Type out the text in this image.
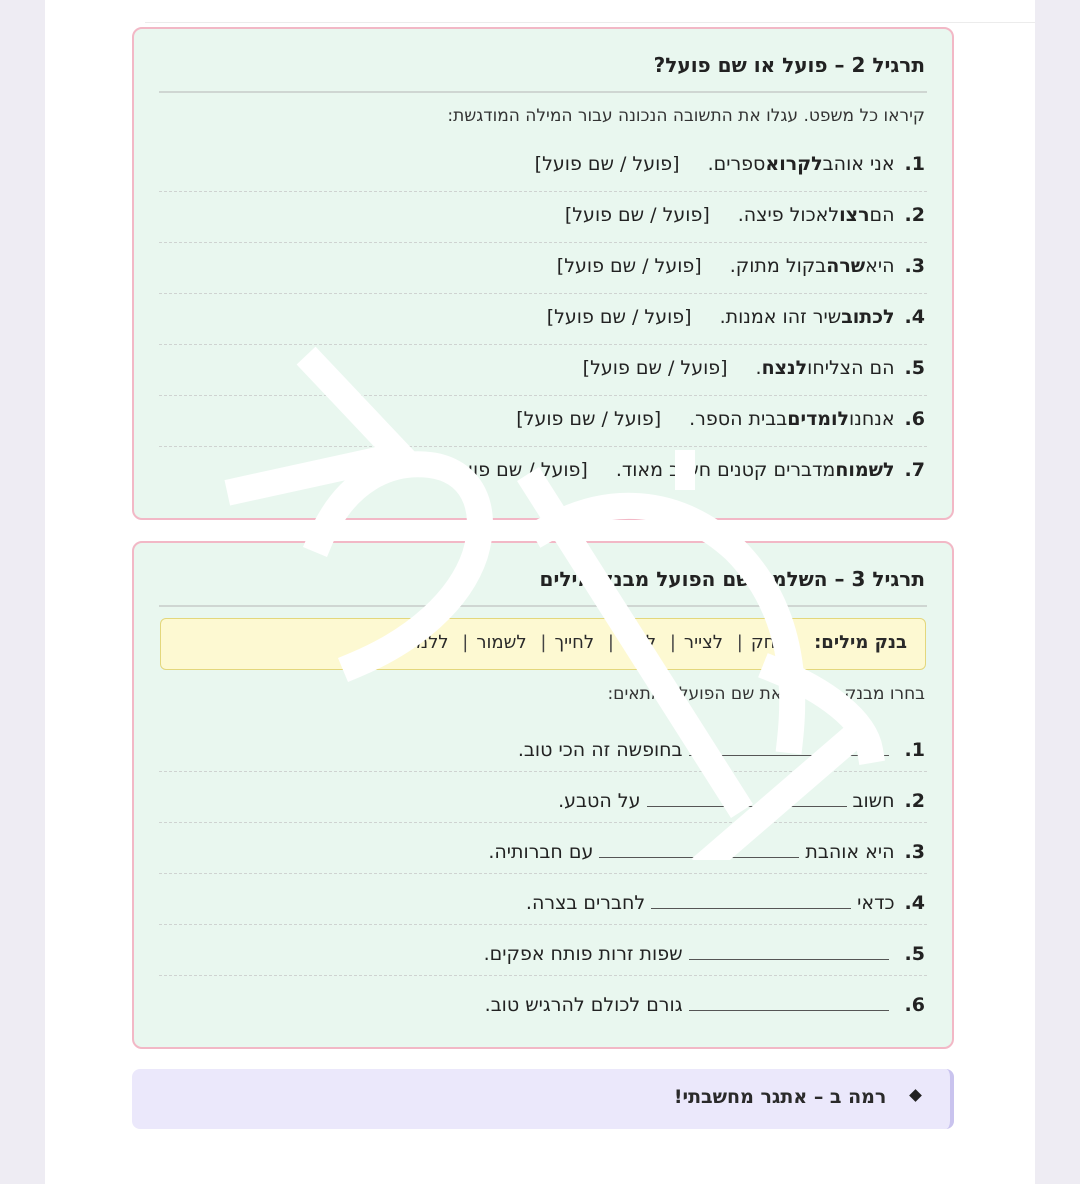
תרגיל 2 – פועל או שם פועל?
קיראו כל משפט. עגלו את התשובה הנכונה עבור המילה המודגשת:
1.
אני אוהב
לקרוא
ספרים.
[פועל / שם פועל]
2.
הם
רצו
לאכול פיצה.
[פועל / שם פועל]
3.
היא
שרה
בקול מתוק.
[פועל / שם פועל]
4.
לכתוב
שיר זהו אמנות.
[פועל / שם פועל]
5.
הם הצליחו
לנצח
.
[פועל / שם פועל]
6.
אנחנו
לומדים
בבית הספר.
[פועל / שם פועל]
7.
לשמוח
מדברים קטנים חשוב מאוד.
[פועל / שם פועל]
תרגיל 3 – השלמת שם הפועל מבנק מילים
בנק מילים: לשחק| לצייר| לנוח| לחייך| לשמור| ללמוד
בחרו מבנק המילים את שם הפועל המתאים:
1.
בחופשה זה הכי טוב.
2.
חשוב
על הטבע.
3.
היא אוהבת
עם חברותיה.
4.
כדאי
לחברים בצרה.
5.
שפות זרות פותח אפקים.
6.
גורם לכולם להרגיש טוב.
רמה ב – אתגר מחשבתי!
